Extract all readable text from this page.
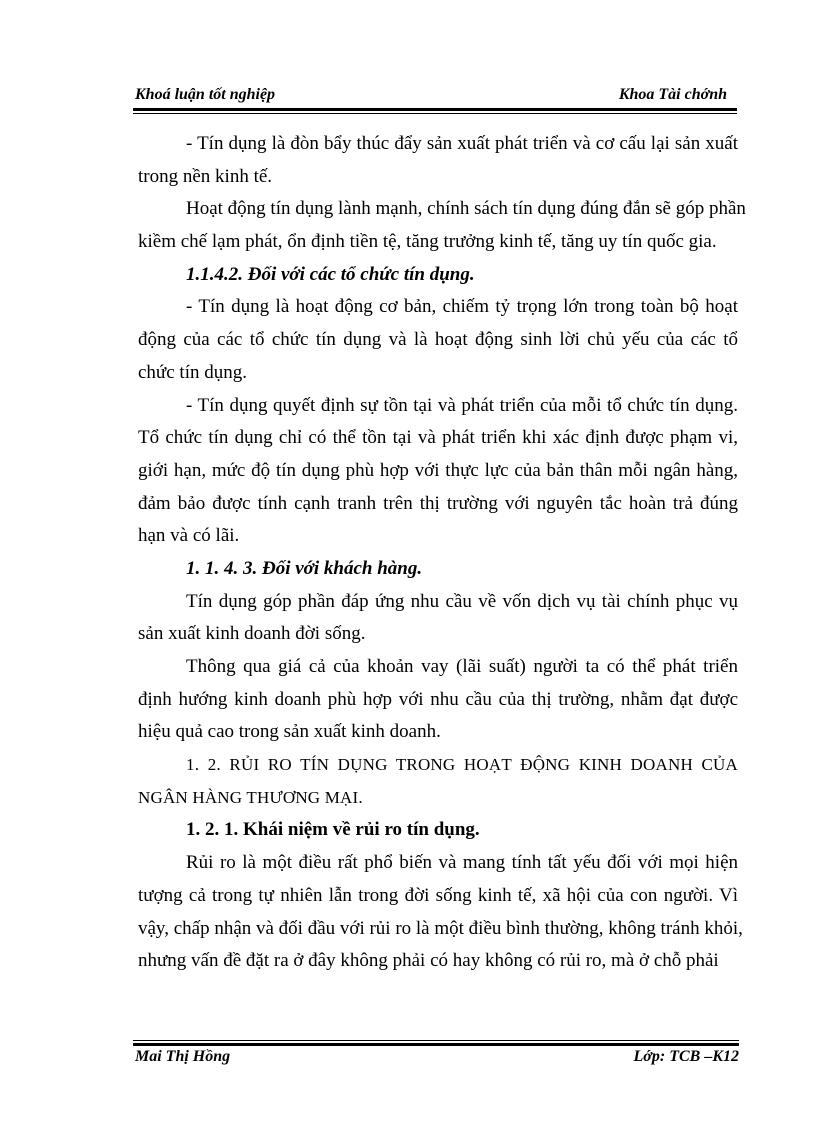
Khoá luận tốt nghiệp	Khoa Tài chớnh
- Tín dụng là đòn bẩy thúc đẩy sản xuất phát triển và cơ cấu lại sản xuất
trong nền kinh tế.
Hoạt động tín dụng lành mạnh, chính sách tín dụng đúng đắn sẽ góp phần
kiềm chế lạm phát, ổn định tiền tệ, tăng trưởng kinh tế, tăng uy tín quốc gia.
1.1.4.2. Đối với các tổ chức tín dụng.
- Tín dụng là hoạt động cơ bản, chiếm tỷ trọng lớn trong toàn bộ hoạt
động của các tổ chức tín dụng và là hoạt động sinh lời chủ yếu của các tổ
chức tín dụng.
- Tín dụng quyết định sự tồn tại và phát triển của mỗi tổ chức tín dụng.
Tổ chức tín dụng chỉ có thể tồn tại và phát triển khi xác định được phạm vi,
giới hạn, mức độ tín dụng phù hợp với thực lực của bản thân mỗi ngân hàng,
đảm bảo được tính cạnh tranh trên thị trường với nguyên tắc hoàn trả đúng
hạn và có lãi.
1. 1. 4. 3. Đối với khách hàng.
Tín dụng góp phần đáp ứng nhu cầu về vốn dịch vụ tài chính phục vụ
sản xuất kinh doanh đời sống.
Thông qua giá cả của khoản vay (lãi suất) người ta có thể phát triển
định hướng kinh doanh phù hợp với nhu cầu của thị trường, nhằm đạt được
hiệu quả cao trong sản xuất kinh doanh.
1. 2. RỦI RO TÍN DỤNG TRONG HOẠT ĐỘNG KINH DOANH CỦA
NGÂN HÀNG THƯƠNG MẠI.
1. 2. 1. Khái niệm về rủi ro tín dụng.
Rủi ro là một điều rất phổ biến và mang tính tất yếu đối với mọi hiện
tượng cả trong tự nhiên lẫn trong đời sống kinh tế, xã hội của con người. Vì
vậy, chấp nhận và đối đầu với rủi ro là một điều bình thường, không tránh khỏi,
nhưng vấn đề đặt ra ở đây không phải có hay không có rủi ro, mà ở chỗ phải
Mai Thị Hồng	Lớp: TCB –K12
